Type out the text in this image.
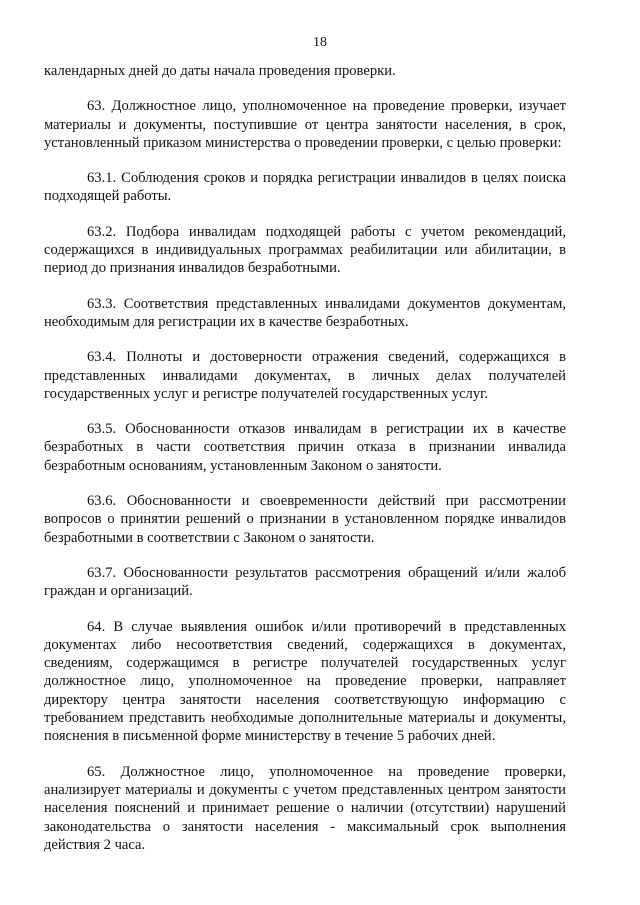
18

календарных дней до даты начала проведения проверки.

63. Должностное лицо, уполномоченное на проведение проверки, изучает материалы и документы, поступившие от центра занятости населения, в срок, установленный приказом министерства о проведении проверки, с целью проверки:

63.1. Соблюдения сроков и порядка регистрации инвалидов в целях поиска подходящей работы.

63.2. Подбора инвалидам подходящей работы с учетом рекомендаций, содержащихся в индивидуальных программах реабилитации или абилитации, в период до признания инвалидов безработными.

63.3. Соответствия представленных инвалидами документов документам, необходимым для регистрации их в качестве безработных.

63.4. Полноты и достоверности отражения сведений, содержащихся в представленных инвалидами документах, в личных делах получателей государственных услуг и регистре получателей государственных услуг.

63.5. Обоснованности отказов инвалидам в регистрации их в качестве безработных в части соответствия причин отказа в признании инвалида безработным основаниям, установленным Законом о занятости.

63.6. Обоснованности и своевременности действий при рассмотрении вопросов о принятии решений о признании в установленном порядке инвалидов безработными в соответствии с Законом о занятости.

63.7. Обоснованности результатов рассмотрения обращений и/или жалоб граждан и организаций.

64. В случае выявления ошибок и/или противоречий в представленных документах либо несоответствия сведений, содержащихся в документах, сведениям, содержащимся в регистре получателей государственных услуг должностное лицо, уполномоченное на проведение проверки, направляет директору центра занятости населения соответствующую информацию с требованием представить необходимые дополнительные материалы и документы, пояснения в письменной форме министерству в течение 5 рабочих дней.

65. Должностное лицо, уполномоченное на проведение проверки, анализирует материалы и документы с учетом представленных центром занятости населения пояснений и принимает решение о наличии (отсутствии) нарушений законодательства о занятости населения - максимальный срок выполнения действия 2 часа.
